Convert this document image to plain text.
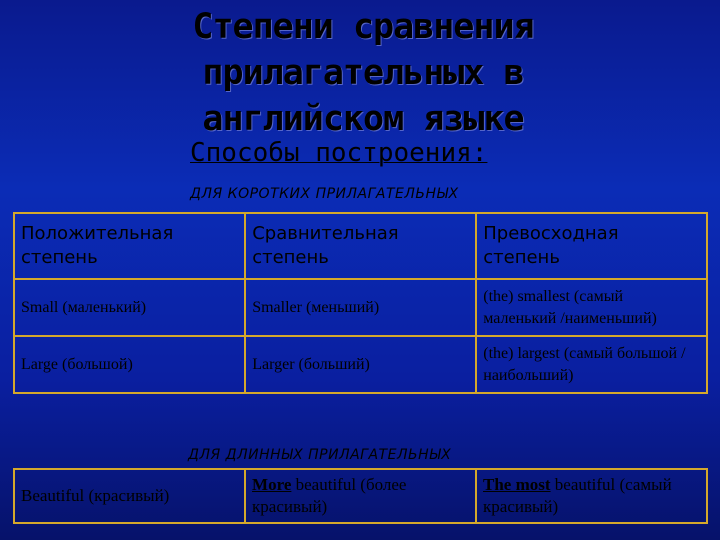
Степени сравнения прилагательных в английском языке
Способы построения:
ДЛЯ КОРОТКИХ ПРИЛАГАТЕЛЬНЫХ
Положительная степень	Сравнительная степень	Превосходная степень
Small (маленький)	Smaller (меньший)	(the) smallest (самый маленький /наименьший)
Large (большой)	Larger (больший)	(the) largest (самый большой /наибольший)
ДЛЯ ДЛИННЫХ ПРИЛАГАТЕЛЬНЫХ
Beautiful (красивый)	More beautiful (более красивый)	The most beautiful (самый красивый)
